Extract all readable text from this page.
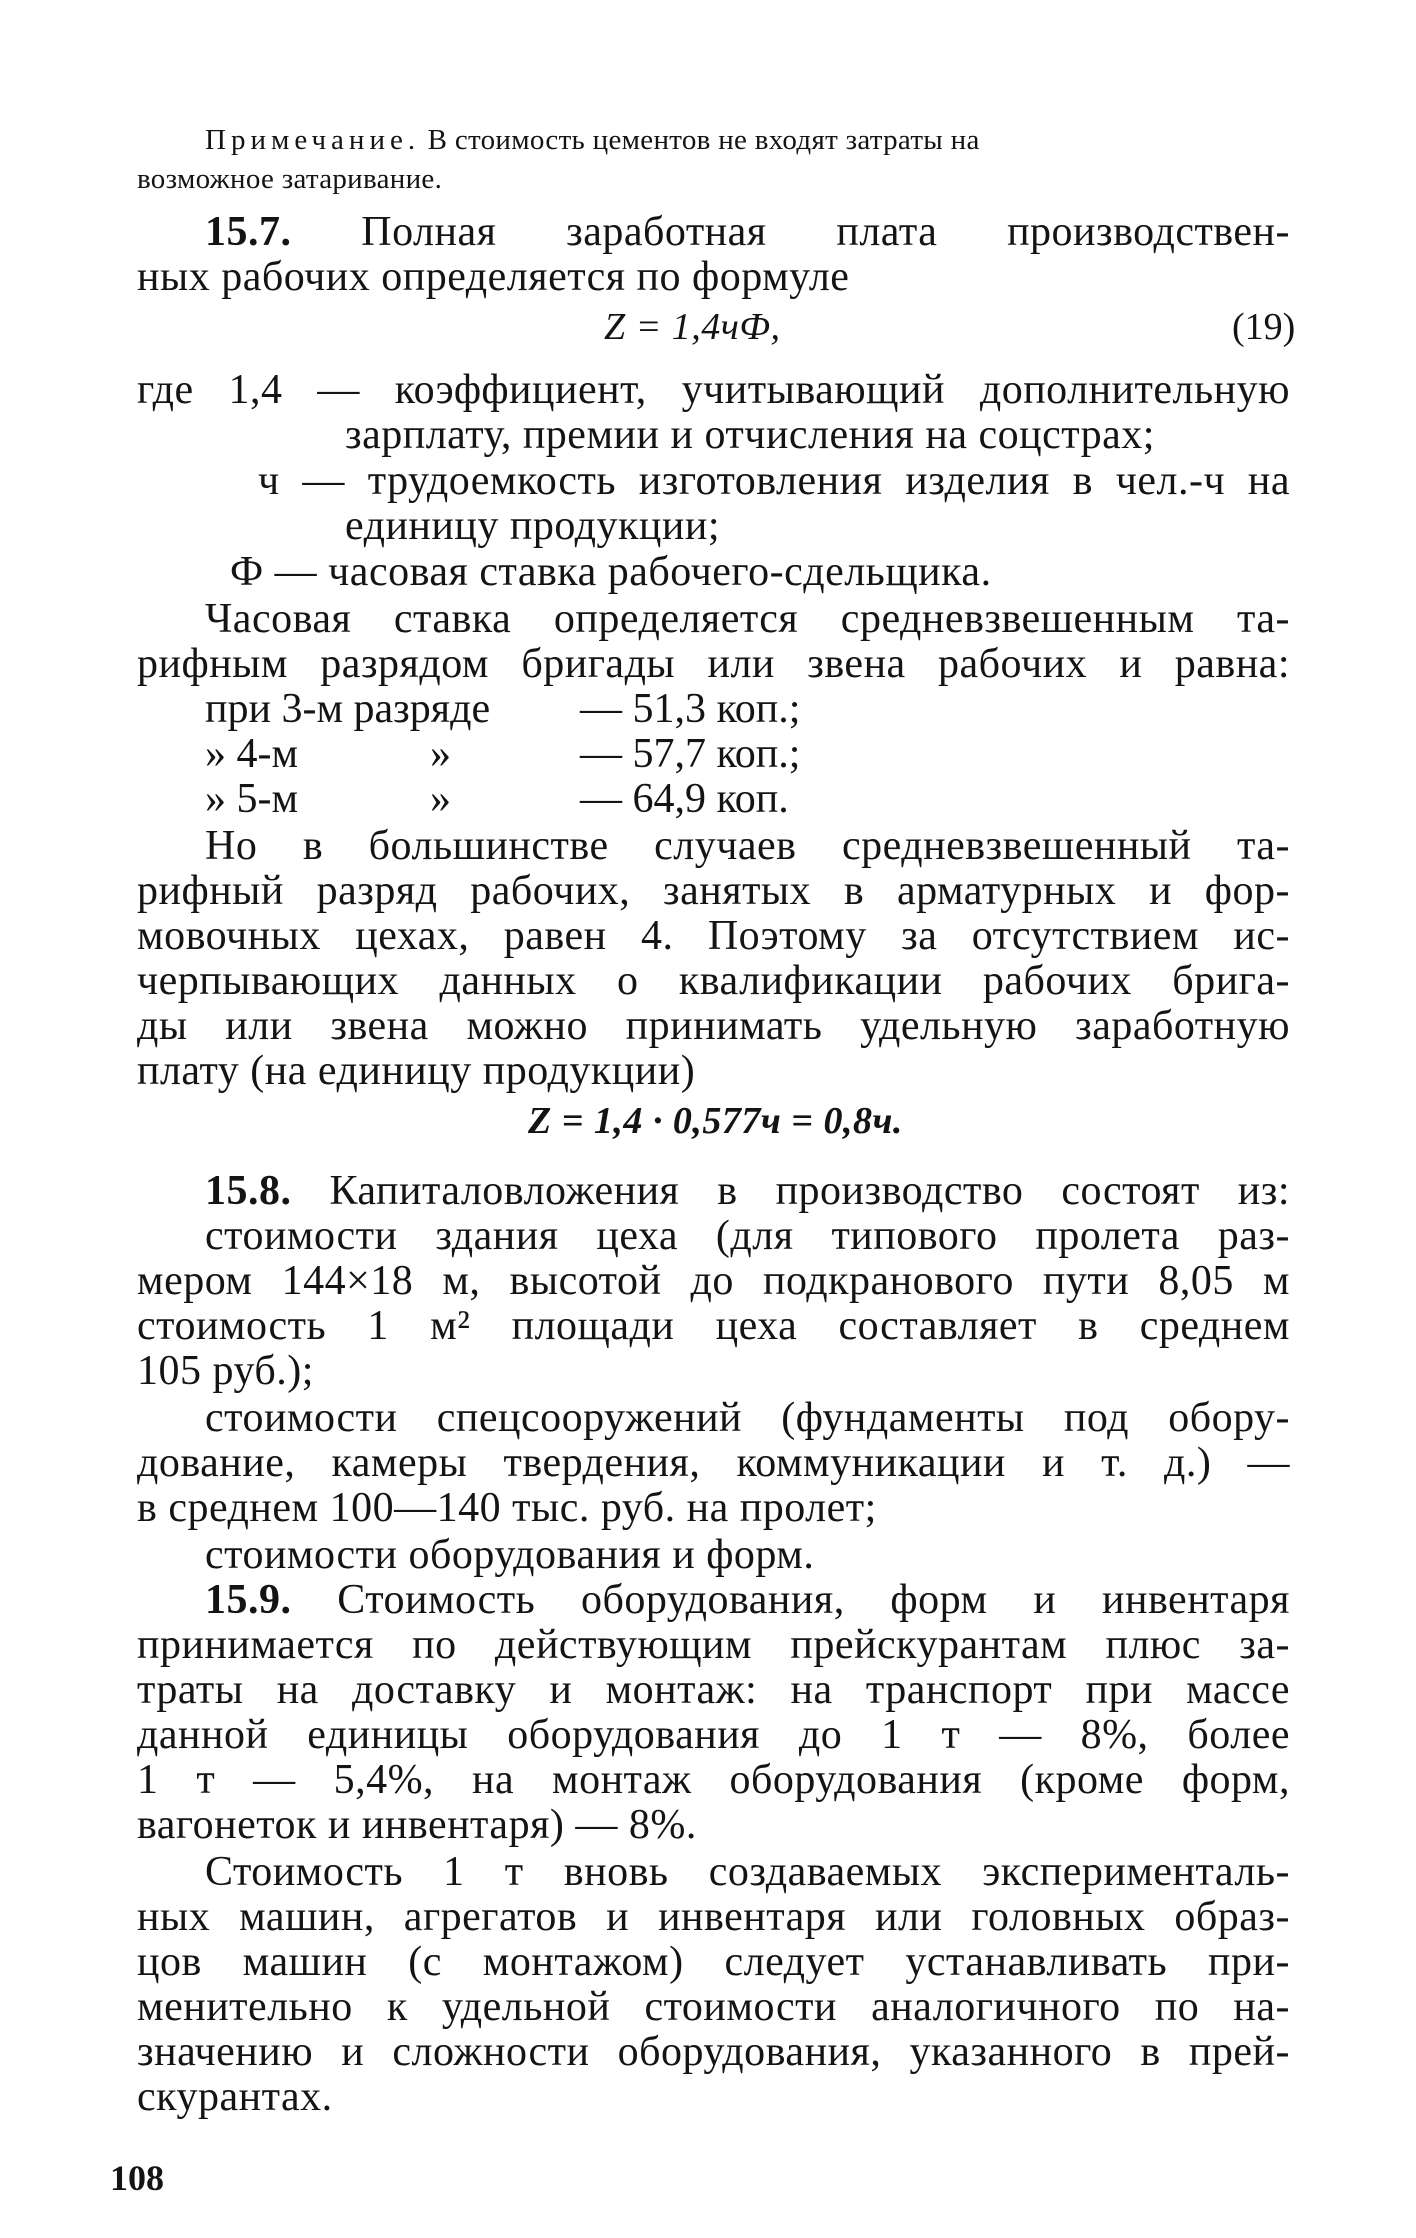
Примечание. В стоимость цементов не входят затраты на
возможное затаривание.
15.7. Полная заработная плата производствен-
ных рабочих определяется по формуле
Z = 1,4чФ,	(19)
где 1,4 — коэффициент, учитывающий дополнительную
зарплату, премии и отчисления на соцстрах;
ч — трудоемкость изготовления изделия в чел.-ч на
единицу продукции;
Ф — часовая ставка рабочего-сдельщика.
Часовая ставка определяется средневзвешенным та-
рифным разрядом бригады или звена рабочих и равна:
при 3-м разряде — 51,3 коп.;
» 4-м	»	— 57,7 коп.;
» 5-м	»	— 64,9 коп.
Но в большинстве случаев средневзвешенный та-
рифный разряд рабочих, занятых в арматурных и фор-
мовочных цехах, равен 4. Поэтому за отсутствием ис-
черпывающих данных о квалификации рабочих брига-
ды или звена можно принимать удельную заработную
плату (на единицу продукции)
Z = 1,4 · 0,577ч = 0,8ч.
15.8. Капиталовложения в производство состоят из:
стоимости здания цеха (для типового пролета раз-
мером 144×18 м, высотой до подкранового пути 8,05 м
стоимость 1 м² площади цеха составляет в среднем
105 руб.);
стоимости спецсооружений (фундаменты под обору-
дование, камеры твердения, коммуникации и т. д.) —
в среднем 100—140 тыс. руб. на пролет;
стоимости оборудования и форм.
15.9. Стоимость оборудования, форм и инвентаря
принимается по действующим прейскурантам плюс за-
траты на доставку и монтаж: на транспорт при массе
данной единицы оборудования до 1 т — 8%, более
1 т — 5,4%, на монтаж оборудования (кроме форм,
вагонеток и инвентаря) — 8%.
Стоимость 1 т вновь создаваемых эксперименталь-
ных машин, агрегатов и инвентаря или головных образ-
цов машин (с монтажом) следует устанавливать при-
менительно к удельной стоимости аналогичного по на-
значению и сложности оборудования, указанного в прей-
скурантах.
108
